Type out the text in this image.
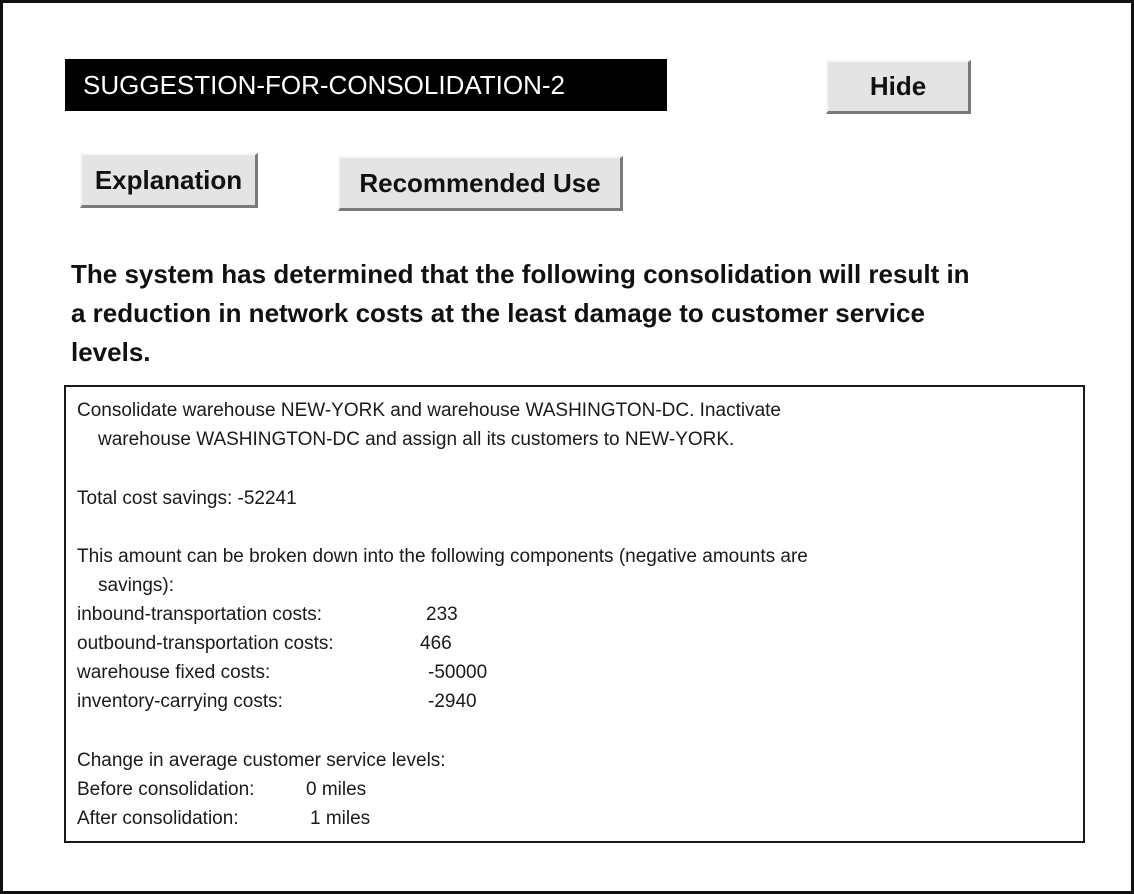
SUGGESTION-FOR-CONSOLIDATION-2	Hide
Explanation	Recommended Use
The system has determined that the following consolidation will result in
a reduction in network costs at the least damage to customer service
levels.
Consolidate warehouse NEW-YORK and warehouse WASHINGTON-DC. Inactivate
warehouse WASHINGTON-DC and assign all its customers to NEW-YORK.
Total cost savings: -52241
This amount can be broken down into the following components (negative amounts are
savings):
inbound-transportation costs:	233
outbound-transportation costs:	466
warehouse fixed costs:	-50000
inventory-carrying costs:	-2940
Change in average customer service levels:
Before consolidation:	0 miles
After consolidation:	1 miles
